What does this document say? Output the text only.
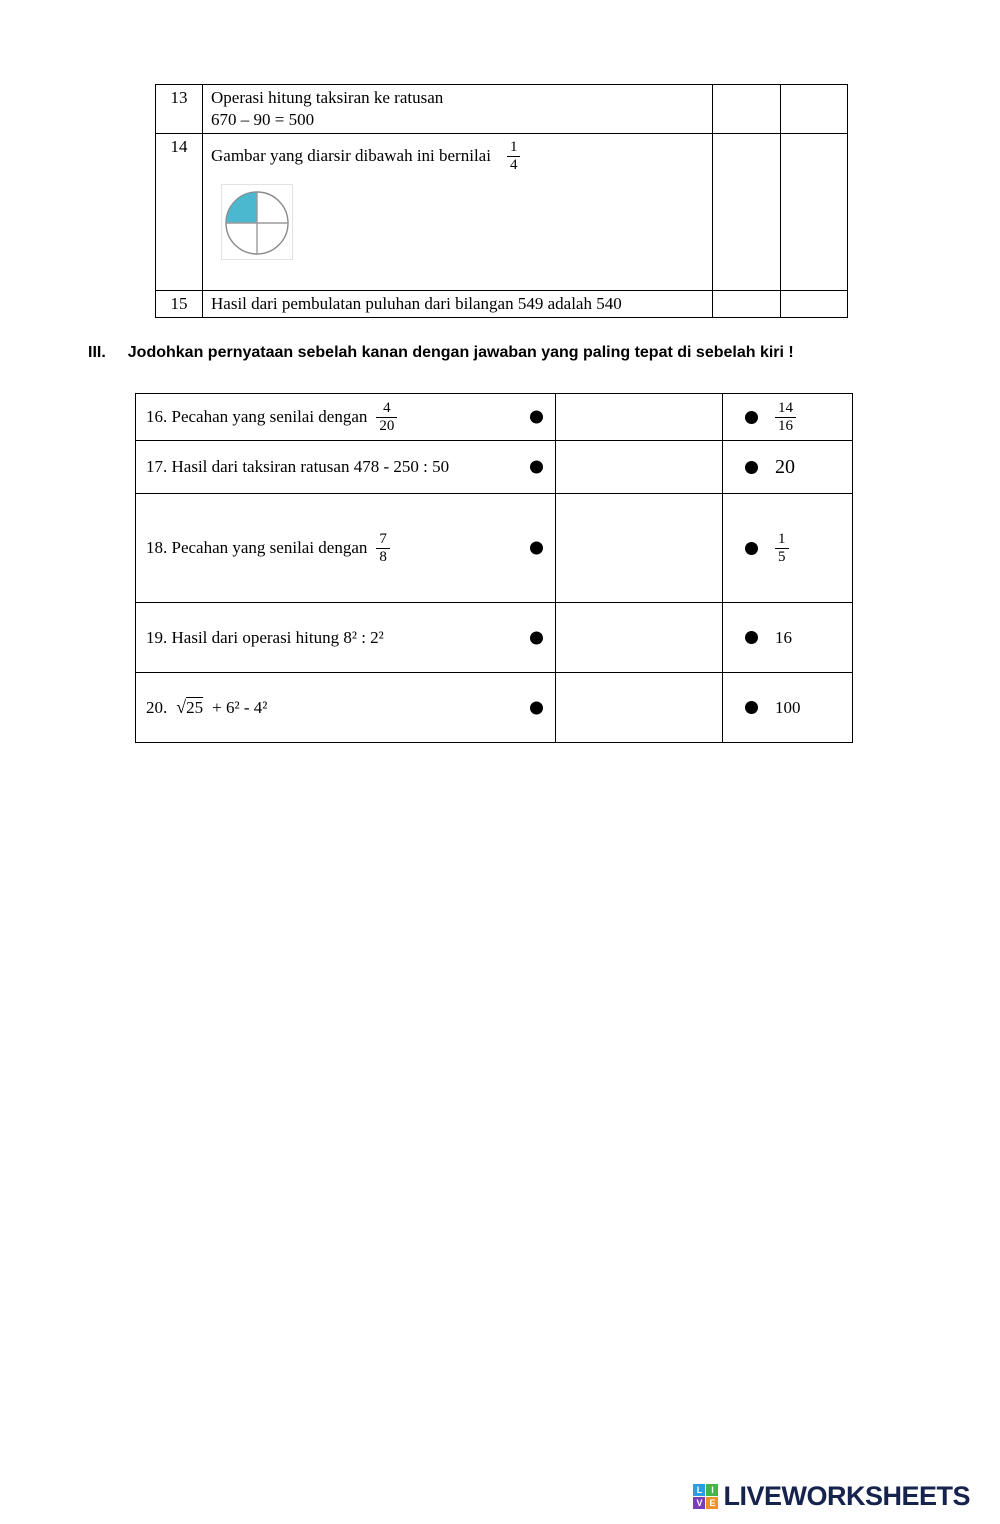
13	Operasi hitung taksiran ke ratusan
670 – 90 = 500		

14	Gambar yang diarsir dibawah ini bernilai $\frac{1}{4}$

15	Hasil dari pembulatan puluhan dari bilangan 549 adalah 540		

III. Jodohkan pernyataan sebelah kanan dengan jawaban yang paling tepat di sebelah kiri !
16. Pecahan yang senilai dengan $\frac{4}{20}$		$\frac{14}{16}$

17. Hasil dari taksiran ratusan 478 - 250 : 50		20

18. Pecahan yang senilai dengan $\frac{7}{8}$		$\frac{1}{5}$

19. Hasil dari operasi hitung 8² : 2²		16

20. √25 + 6² - 4²		100
L I
V E LIVEWORKSHEETS
